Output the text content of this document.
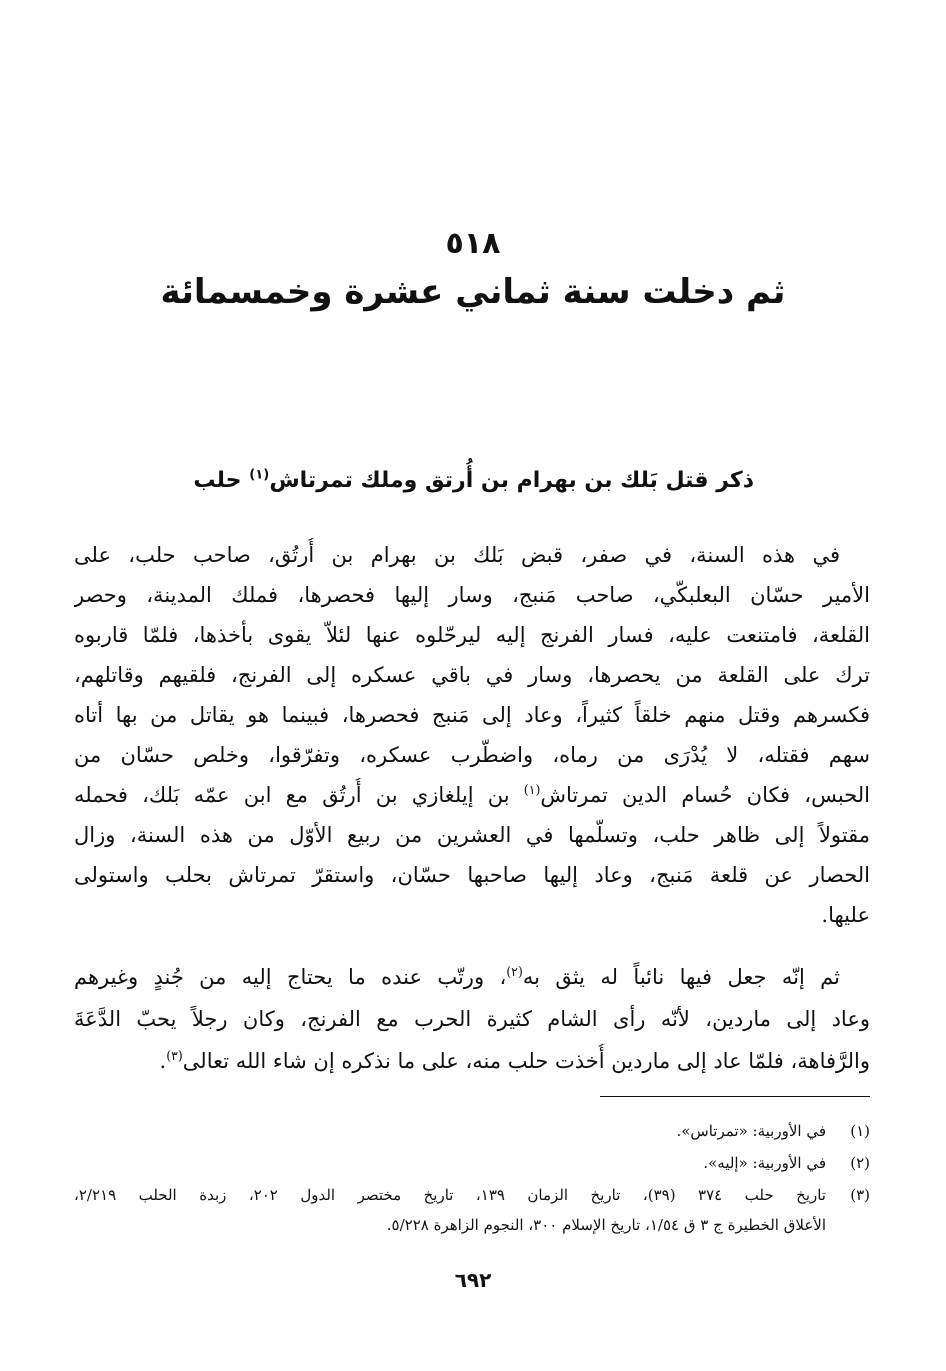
٥١٨
ثم دخلت سنة ثماني عشرة وخمسمائة
ذكر قتل بَلك بن بهرام بن أُرتق وملك تمرتاش$^{(١)}$ حلب
في هذه السنة، في صفر، قبض بَلك بن بهرام بن أُرتُق، صاحب حلب، على
الأمير حسّان البعلبكّي، صاحب مَنبج، وسار إليها فحصرها، فملك المدينة، وحصر
القلعة، فامتنعت عليه، فسار الفرنج إليه ليرحّلوه عنها لئلاّ يقوى بأخذها، فلمّا قاربوه
ترك على القلعة من يحصرها، وسار في باقي عسكره إلى الفرنج، فلقيهم وقاتلهم،
فكسرهم وقتل منهم خلقاً كثيراً، وعاد إلى مَنبج فحصرها، فبينما هو يقاتل من بها أتاه
سهم فقتله، لا يُدْرَى من رماه، واضطّرب عسكره، وتفرّقوا، وخلص حسّان من
الحبس، فكان حُسام الدين تمرتاش$^{(١)}$ بن إيلغازي بن أُرتُق مع ابن عمّه بَلك، فحمله
مقتولاً إلى ظاهر حلب، وتسلّمها في العشرين من ربيع الأوّل من هذه السنة، وزال
الحصار عن قلعة مَنبج، وعاد إليها صاحبها حسّان، واستقرّ تمرتاش بحلب واستولى
عليها.
ثم إنّه جعل فيها نائباً له يثق به$^{(٢)}$، ورتّب عنده ما يحتاج إليه من جُندٍ وغيرهم
وعاد إلى ماردين، لأنّه رأى الشام كثيرة الحرب مع الفرنج، وكان رجلاً يحبّ الدَّعَةَ
والرَّفاهة، فلمّا عاد إلى ماردين أُخذت حلب منه، على ما نذكره إن شاء الله تعالى$^{(٣)}$.
(١)في الأوربية: «تمرتاس».
(٢)في الأوربية: «إليه».
(٣)تاريخ حلب ٣٧٤ (٣٩)، تاريخ الزمان ١٣٩، تاريخ مختصر الدول ٢٠٢، زبدة الحلب ٢/٢١٩،
الأعلاق الخطيرة ج ٣ ق ١/٥٤، تاريخ الإسلام ٣٠٠، النجوم الزاهرة ٥/٢٢٨.
٦٩٢
